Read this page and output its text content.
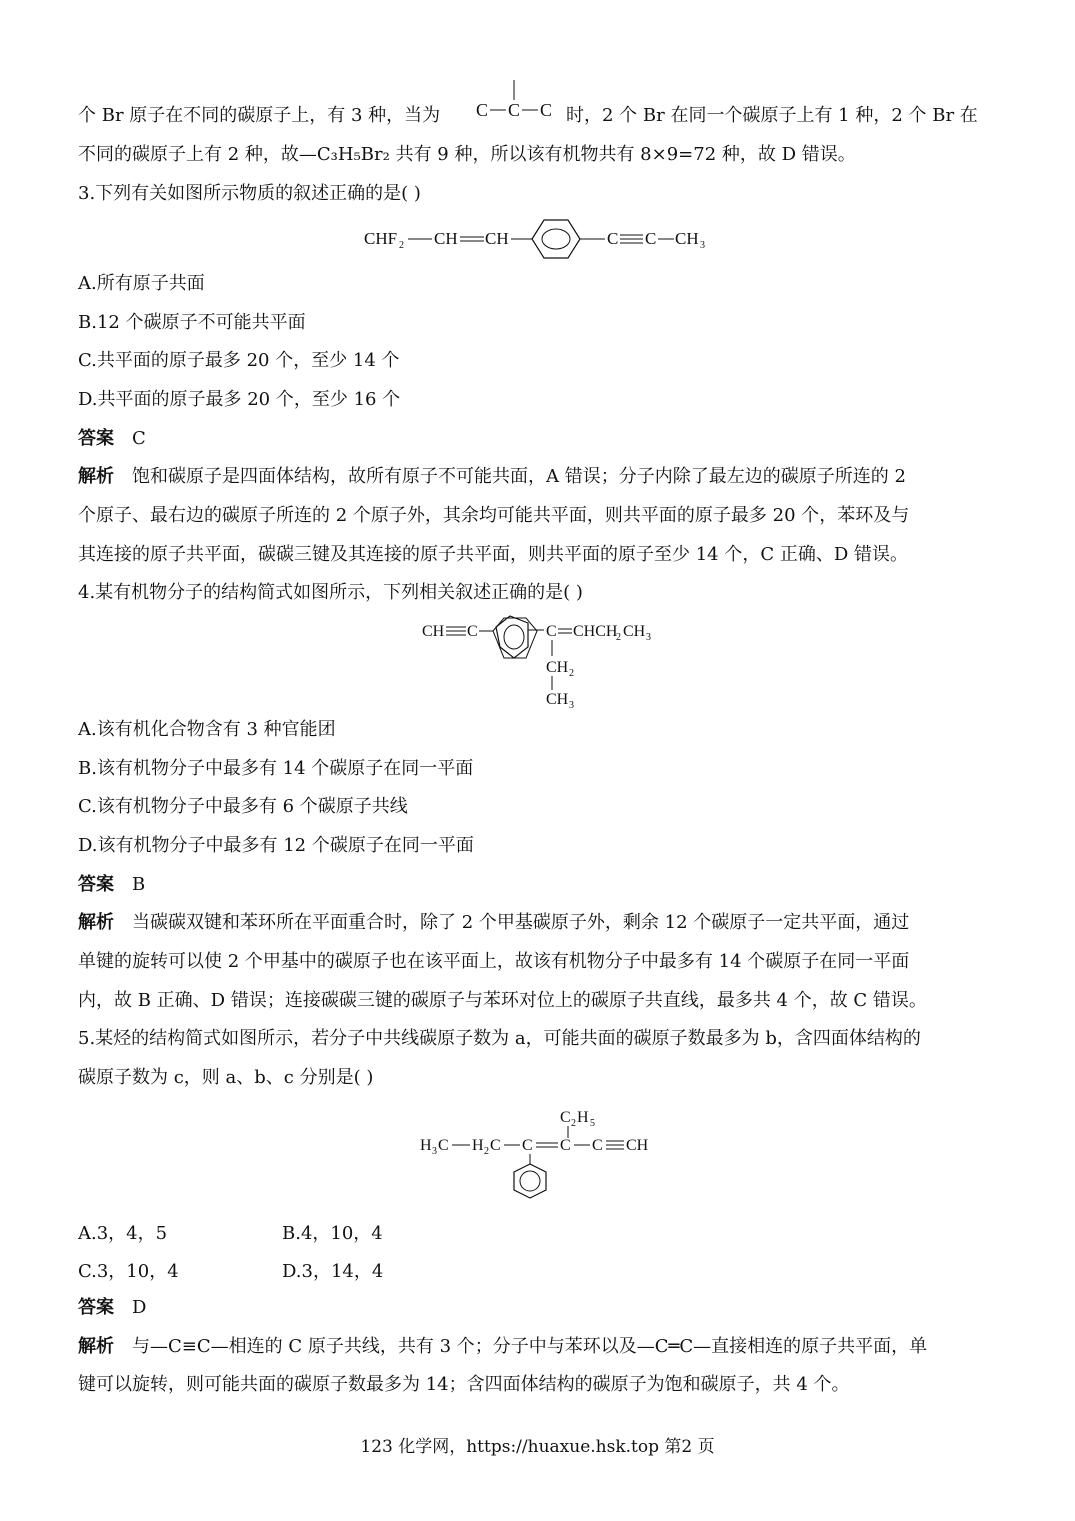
个 Br 原子在不同的碳原子上，有 3 种，当为	时，2 个 Br 在同一个碳原子上有 1 种，2 个 Br 在
C C C
不同的碳原子上有 2 种，故—C₃H₅Br₂ 共有 9 种，所以该有机物共有 8×9=72 种，故 D 错误。
3.下列有关如图所示物质的叙述正确的是( )
CHF 2 CH CH	C C CH 3
A.所有原子共面
B.12 个碳原子不可能共平面
C.共平面的原子最多 20 个，至少 14 个
D.共平面的原子最多 20 个，至少 16 个
答案 C
解析 饱和碳原子是四面体结构，故所有原子不可能共面，A 错误；分子内除了最左边的碳原子所连的 2
个原子、最右边的碳原子所连的 2 个原子外，其余均可能共平面，则共平面的原子最多 20 个，苯环及与
其连接的原子共平面，碳碳三键及其连接的原子共平面，则共平面的原子至少 14 个，C 正确、D 错误。
4.某有机物分子的结构简式如图所示，下列相关叙述正确的是( )
CH C	C CHCH
2 CH 3
CH 2
CH 3
A.该有机化合物含有 3 种官能团
B.该有机物分子中最多有 14 个碳原子在同一平面
C.该有机物分子中最多有 6 个碳原子共线
D.该有机物分子中最多有 12 个碳原子在同一平面
答案 B
解析 当碳碳双键和苯环所在平面重合时，除了 2 个甲基碳原子外，剩余 12 个碳原子一定共平面，通过
单键的旋转可以使 2 个甲基中的碳原子也在该平面上，故该有机物分子中最多有 14 个碳原子在同一平面
内，故 B 正确、D 错误；连接碳碳三键的碳原子与苯环对位上的碳原子共直线，最多共 4 个，故 C 错误。
5.某烃的结构简式如图所示，若分子中共线碳原子数为 a，可能共面的碳原子数最多为 b，含四面体结构的
碳原子数为 c，则 a、b、c 分别是( )
C 2 H 5
H 3 C H 2 C C C C CH
A.3，4，5	B.4，10，4
C.3，10，4	D.3，14，4
答案 D
解析 与—C≡C—相连的 C 原子共线，共有 3 个；分子中与苯环以及—C═C—直接相连的原子共平面，单
键可以旋转，则可能共面的碳原子数最多为 14；含四面体结构的碳原子为饱和碳原子，共 4 个。
123 化学网，https://huaxue.hsk.top 第2 页
